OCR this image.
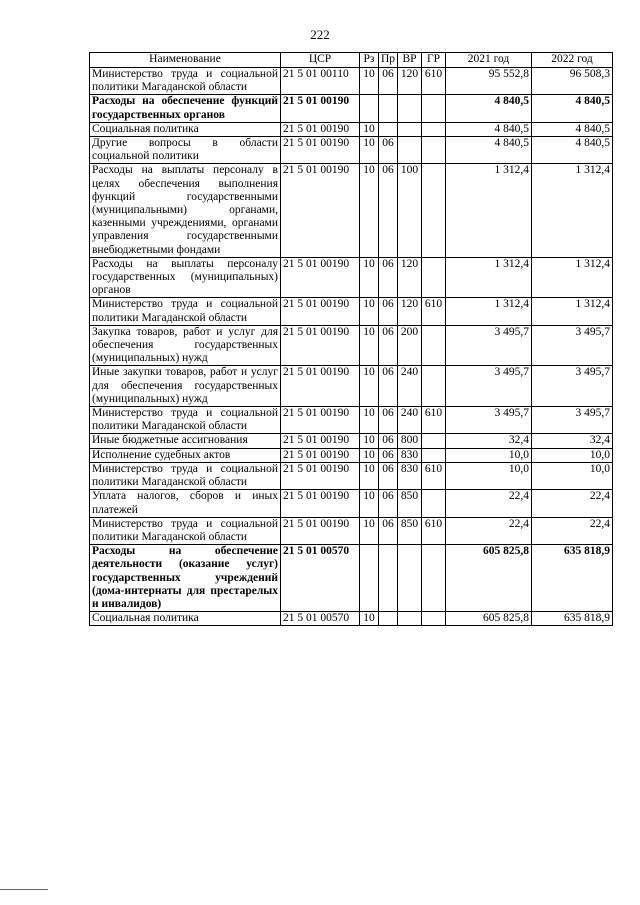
222
Наименование	ЦСР	Рз	Пр	ВР	ГР	2021 год	2022 год
Министерство труда и социальной политики Магаданской области	21 5 01 00110	10	06	120	610	95 552,8	96 508,3
Расходы на обеспечение функций государственных органов	21 5 01 00190					4 840,5	4 840,5
Социальная политика	21 5 01 00190	10				4 840,5	4 840,5
Другие вопросы в области социальной политики	21 5 01 00190	10	06			4 840,5	4 840,5
Расходы на выплаты персоналу в целях обеспечения выполнения функций государственными (муниципальными) органами, казенными учреждениями, органами управления государственными внебюджетными фондами	21 5 01 00190	10	06	100		1 312,4	1 312,4
Расходы на выплаты персоналу государственных (муниципальных) органов	21 5 01 00190	10	06	120		1 312,4	1 312,4
Министерство труда и социальной политики Магаданской области	21 5 01 00190	10	06	120	610	1 312,4	1 312,4
Закупка товаров, работ и услуг для обеспечения государственных (муниципальных) нужд	21 5 01 00190	10	06	200		3 495,7	3 495,7
Иные закупки товаров, работ и услуг для обеспечения государственных (муниципальных) нужд	21 5 01 00190	10	06	240		3 495,7	3 495,7
Министерство труда и социальной политики Магаданской области	21 5 01 00190	10	06	240	610	3 495,7	3 495,7
Иные бюджетные ассигнования	21 5 01 00190	10	06	800		32,4	32,4
Исполнение судебных актов	21 5 01 00190	10	06	830		10,0	10,0
Министерство труда и социальной политики Магаданской области	21 5 01 00190	10	06	830	610	10,0	10,0
Уплата налогов, сборов и иных платежей	21 5 01 00190	10	06	850		22,4	22,4
Министерство труда и социальной политики Магаданской области	21 5 01 00190	10	06	850	610	22,4	22,4
Расходы на обеспечение деятельности (оказание услуг) государственных учреждений (дома-интернаты для престарелых и инвалидов)	21 5 01 00570					605 825,8	635 818,9
Социальная политика	21 5 01 00570	10				605 825,8	635 818,9
